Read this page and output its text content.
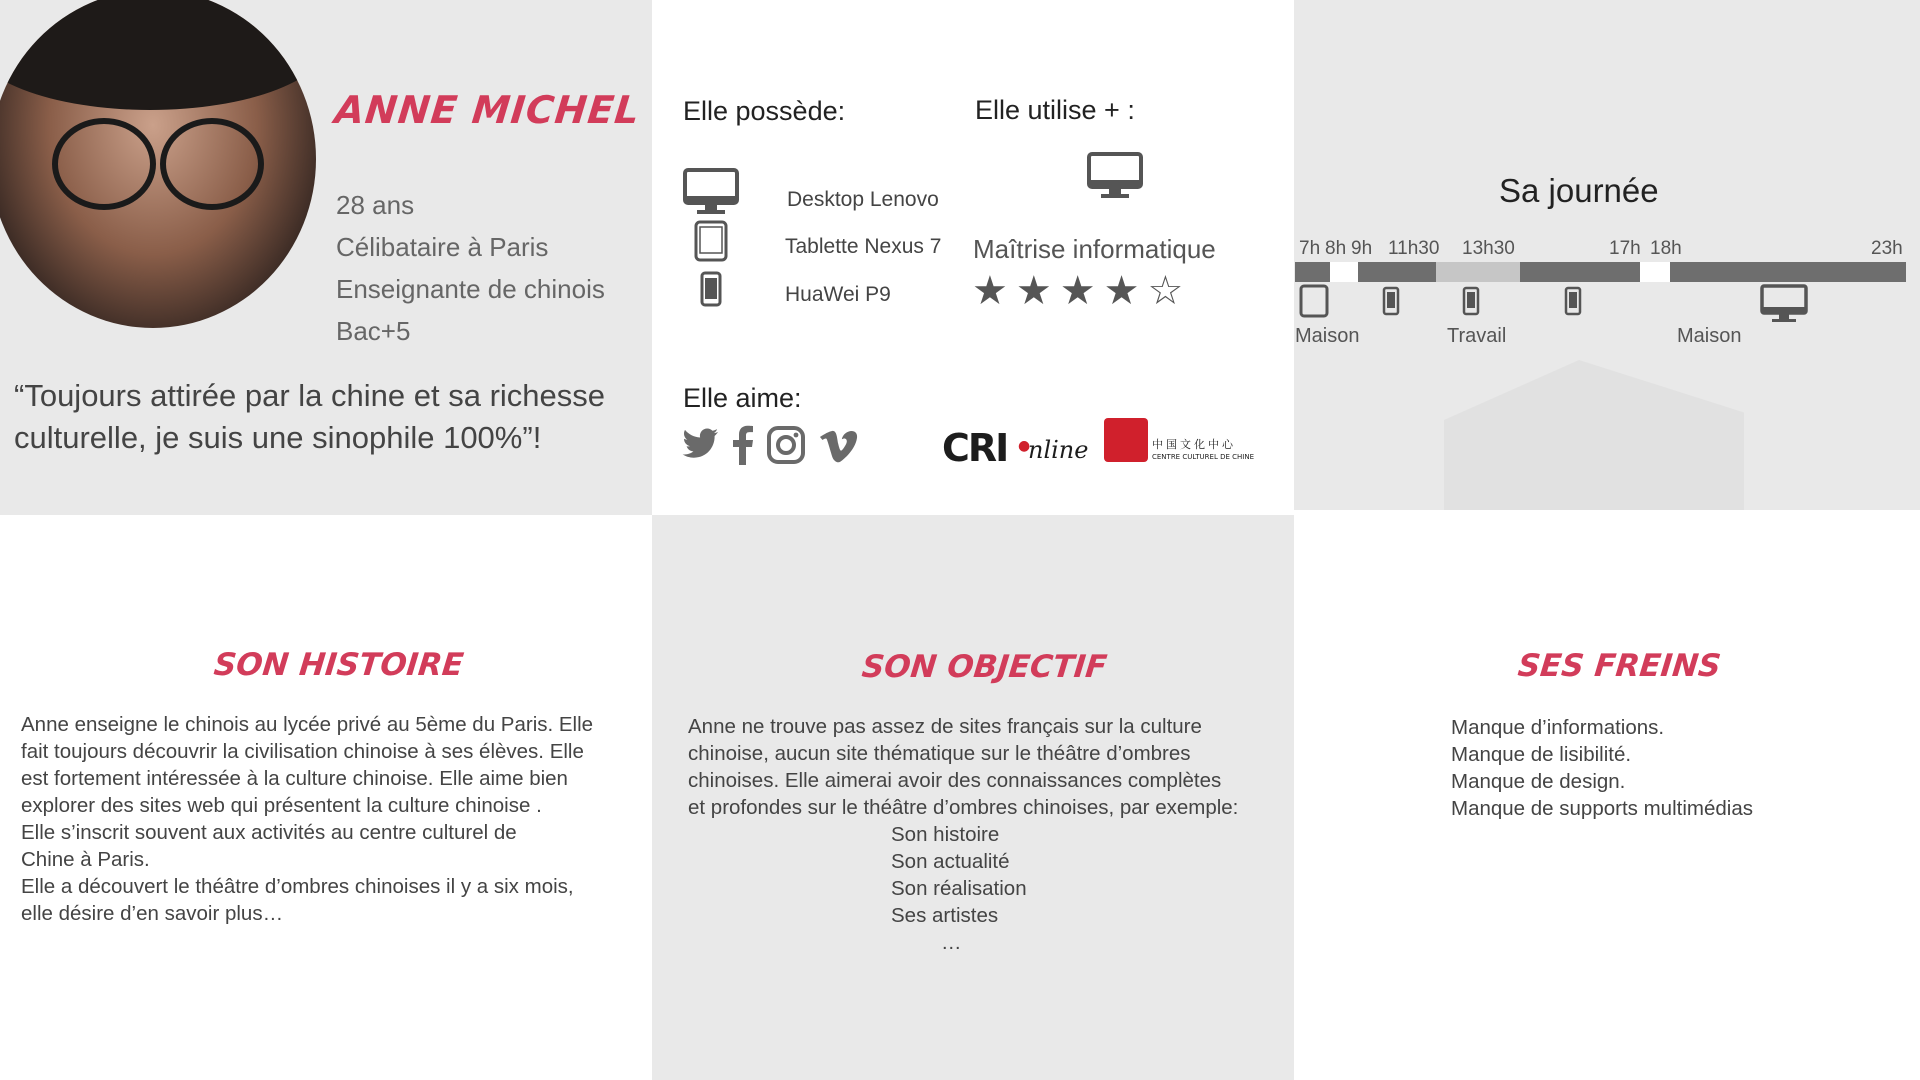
ANNE MICHEL
28 ans
Célibataire à Paris
Enseignante de chinois
Bac+5
“Toujours attirée par la chine et sa richesse culturelle, je suis une sinophile 100%”!
Elle possède:
Desktop Lenovo
Tablette Nexus 7
HuaWei P9
Elle utilise + :
Maîtrise informatique
★★★★☆
Elle aime:
CRI ●
nline	中国文化中心
CENTRE CULTUREL DE CHINE
Sa journée
7h 8h 9h 11h30 13h30	17h 18h	23h
Maison	Travail	Maison
SON HISTOIRE
Anne enseigne le chinois au lycée privé au 5ème du Paris. Elle
fait toujours découvrir la civilisation chinoise à ses élèves. Elle
est fortement intéressée à la culture chinoise. Elle aime bien
explorer des sites web qui présentent la culture chinoise .
Elle s’inscrit souvent aux activités au centre culturel de
Chine à Paris.
Elle a découvert le théâtre d’ombres chinoises il y a six mois,
elle désire d’en savoir plus…
SON OBJECTIF
Anne ne trouve pas assez de sites français sur la culture
chinoise, aucun site thématique sur le théâtre d’ombres
chinoises. Elle aimerai avoir des connaissances complètes
et profondes sur le théâtre d’ombres chinoises, par exemple:
Son histoire
Son actualité
Son réalisation
Ses artistes
…
SES FREINS
Manque d’informations.
Manque de lisibilité.
Manque de design.
Manque de supports multimédias
